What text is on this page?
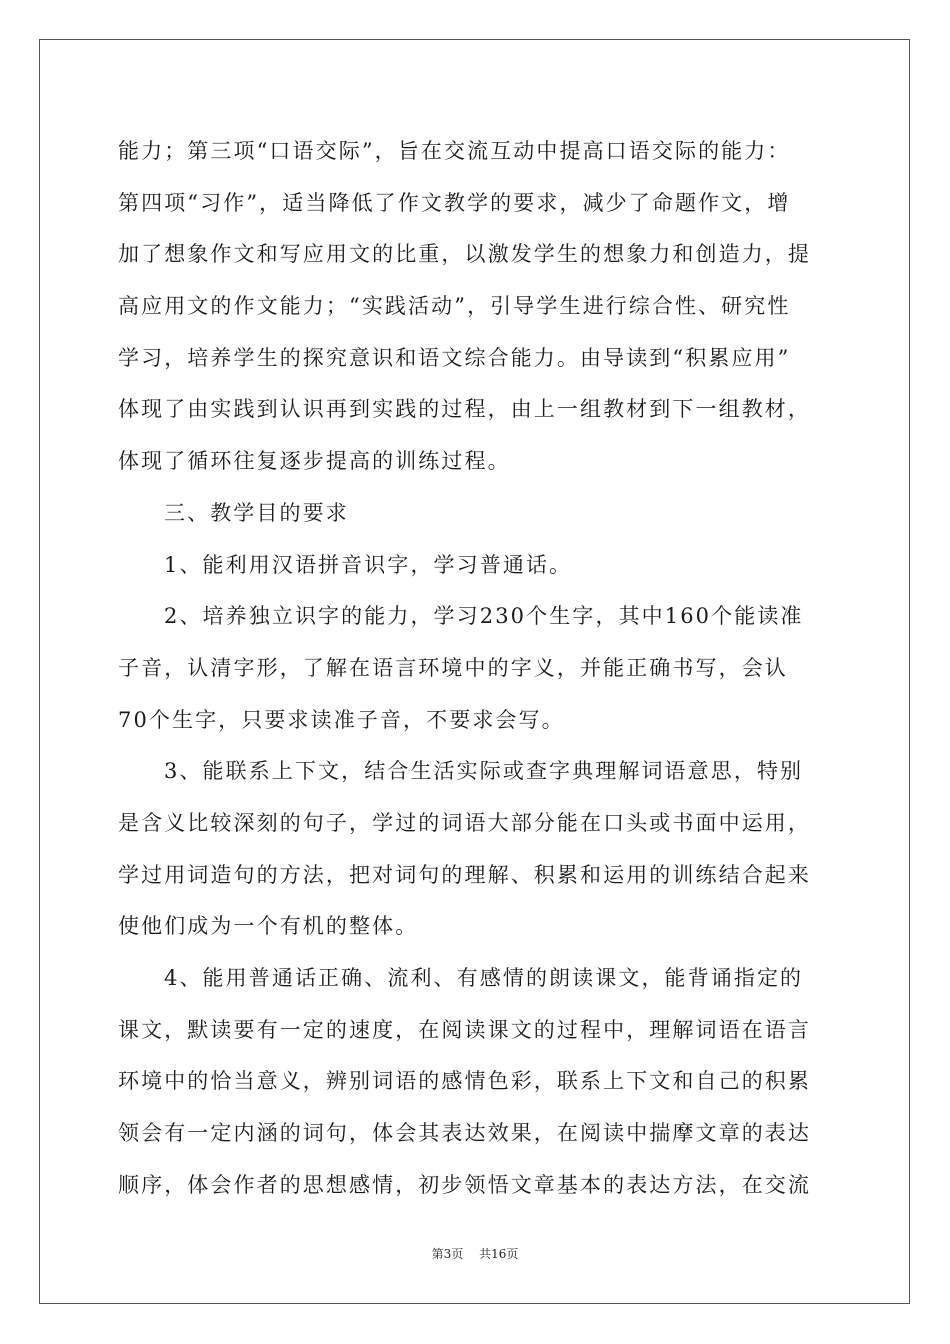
能力；第三项“口语交际”，旨在交流互动中提高口语交际的能力：
第四项“习作”，适当降低了作文教学的要求，减少了命题作文，增
加了想象作文和写应用文的比重，以激发学生的想象力和创造力，提
高应用文的作文能力；“实践活动”，引导学生进行综合性、研究性
学习，培养学生的探究意识和语文综合能力。由导读到“积累应用”
体现了由实践到认识再到实践的过程，由上一组教材到下一组教材，
体现了循环往复逐步提高的训练过程。
三、教学目的要求
1、能利用汉语拼音识字，学习普通话。
2、培养独立识字的能力，学习230个生字，其中160个能读准
子音，认清字形，了解在语言环境中的字义，并能正确书写，会认
70个生字，只要求读准子音，不要求会写。
3、能联系上下文，结合生活实际或查字典理解词语意思，特别
是含义比较深刻的句子，学过的词语大部分能在口头或书面中运用，
学过用词造句的方法，把对词句的理解、积累和运用的训练结合起来
使他们成为一个有机的整体。
4、能用普通话正确、流利、有感情的朗读课文，能背诵指定的
课文，默读要有一定的速度，在阅读课文的过程中，理解词语在语言
环境中的恰当意义，辨别词语的感情色彩，联系上下文和自己的积累
领会有一定内涵的词句，体会其表达效果，在阅读中揣摩文章的表达
顺序，体会作者的思想感情，初步领悟文章基本的表达方法，在交流
第3页 共16页
